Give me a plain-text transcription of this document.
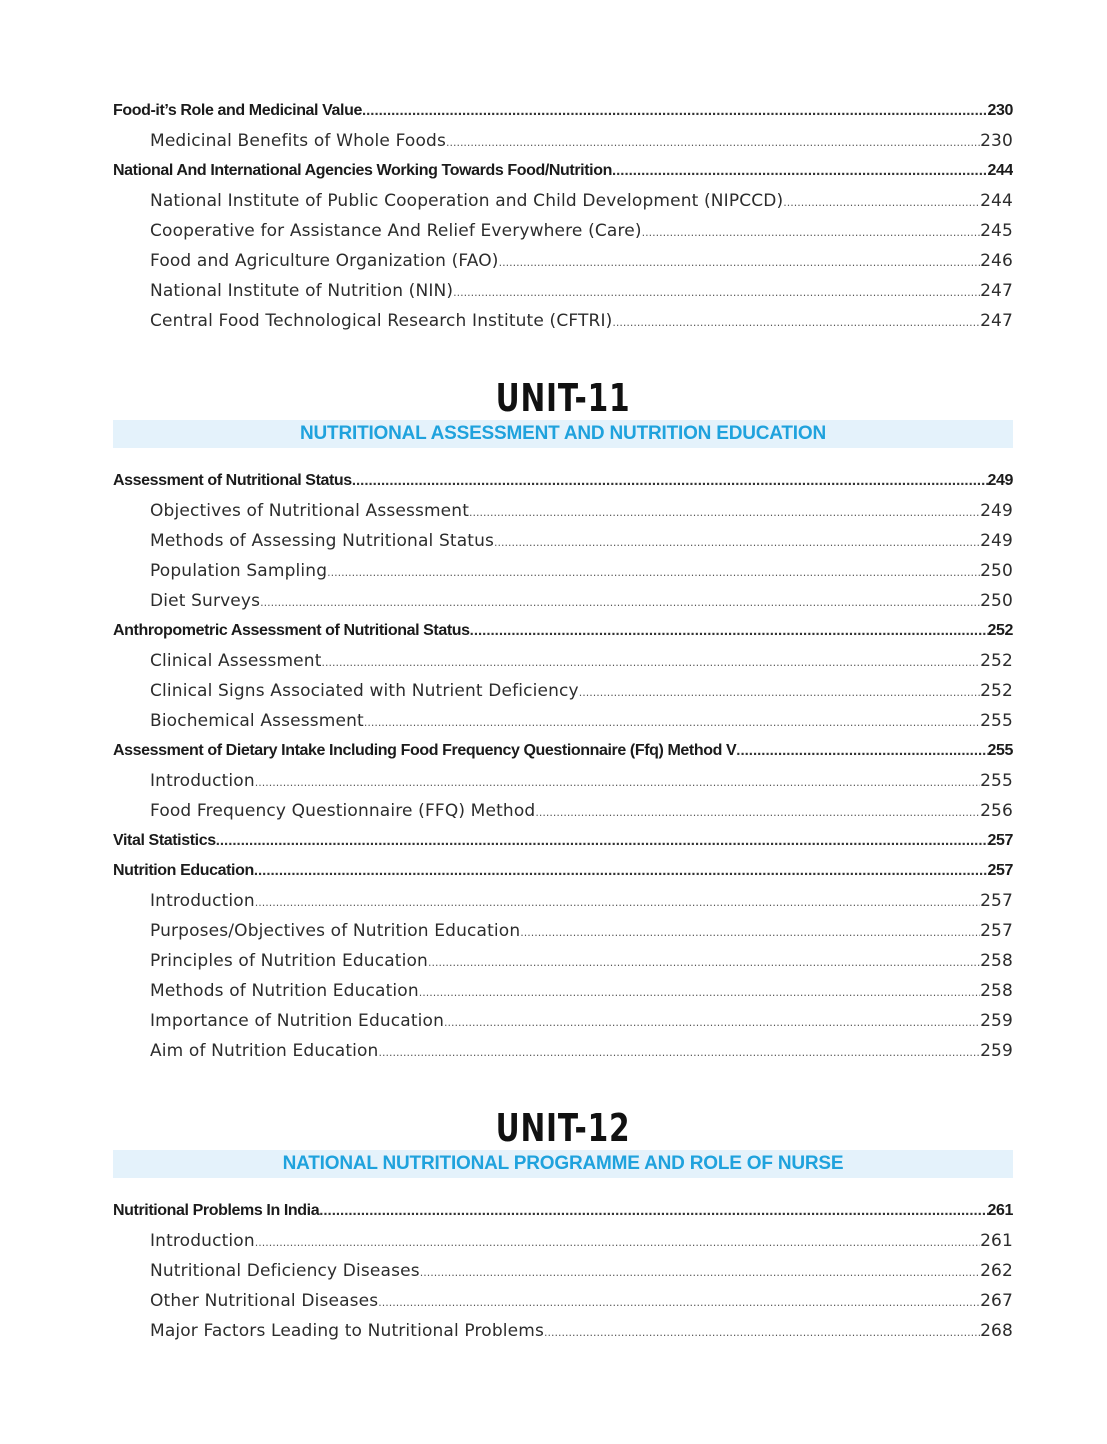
Food-it’s Role and Medicinal Value .....	230
Medicinal Benefits of Whole Foods .....	230
National And International Agencies Working Towards Food/Nutrition .....	244
National Institute of Public Cooperation and Child Development (NIPCCD) .....	244
Cooperative for Assistance And Relief Everywhere (Care) .....	245
Food and Agriculture Organization (FAO) .....	246
National Institute of Nutrition (NIN) .....	247
Central Food Technological Research Institute (CFTRI) .....	247
UNIT-11
NUTRITIONAL ASSESSMENT AND NUTRITION EDUCATION
Assessment of Nutritional Status .....	249
Objectives of Nutritional Assessment .....	249
Methods of Assessing Nutritional Status .....	249
Population Sampling .....	250
Diet Surveys .....	250
Anthropometric Assessment of Nutritional Status .....	252
Clinical Assessment .....	252
Clinical Signs Associated with Nutrient Deficiency .....	252
Biochemical Assessment .....	255
Assessment of Dietary Intake Including Food Frequency Questionnaire (Ffq) Method V .....	255
Introduction .....	255
Food Frequency Questionnaire (FFQ) Method .....	256
Vital Statistics .....	257
Nutrition Education .....	257
Introduction .....	257
Purposes/Objectives of Nutrition Education .....	257
Principles of Nutrition Education .....	258
Methods of Nutrition Education .....	258
Importance of Nutrition Education .....	259
Aim of Nutrition Education .....	259
UNIT-12
NATIONAL NUTRITIONAL PROGRAMME AND ROLE OF NURSE
Nutritional Problems In India .....	261
Introduction .....	261
Nutritional Deficiency Diseases .....	262
Other Nutritional Diseases .....	267
Major Factors Leading to Nutritional Problems .....	268
